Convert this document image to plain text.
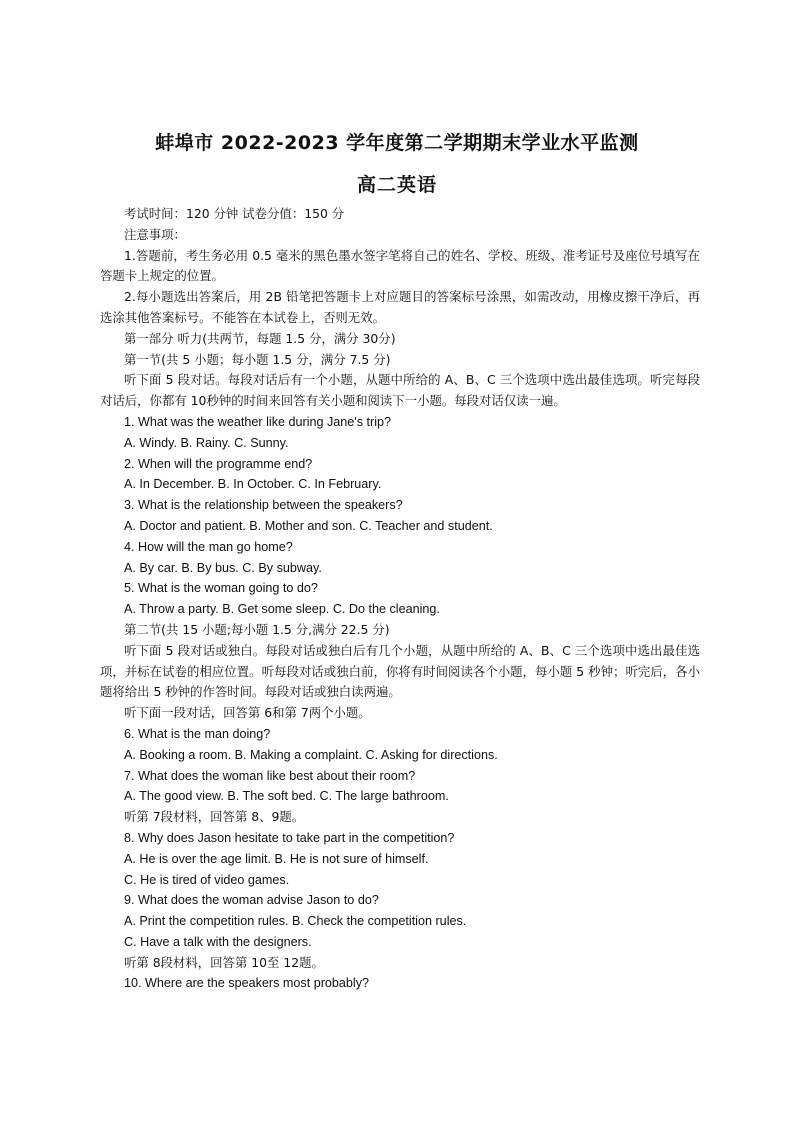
蚌埠市 2022-2023 学年度第二学期期末学业水平监测
高二英语

考试时间：120 分钟 试卷分值：150 分

注意事项：

1.答题前，考生务必用 0.5 毫米的黑色墨水签字笔将自己的姓名、学校、班级、准考证号及座位号填写在答题卡上规定的位置。

2.每小题选出答案后，用 2B 铅笔把答题卡上对应题目的答案标号涂黑，如需改动，用橡皮擦干净后，再选涂其他答案标号。不能答在本试卷上，否则无效。

第一部分 听力(共两节，每题 1.5 分，满分 30分)

第一节(共 5 小题；每小题 1.5 分，满分 7.5 分)

听下面 5 段对话。每段对话后有一个小题，从题中所给的 A、B、C 三个选项中选出最佳选项。听完每段对话后，你都有 10秒钟的时间来回答有关小题和阅读下一小题。每段对话仅读一遍。

1. What was the weather like during Jane's trip?

A. Windy. B. Rainy. C. Sunny.

2. When will the programme end?

A. In December. B. In October. C. In February.

3. What is the relationship between the speakers?

A. Doctor and patient. B. Mother and son. C. Teacher and student.

4. How will the man go home?

A. By car. B. By bus. C. By subway.

5. What is the woman going to do?

A. Throw a party. B. Get some sleep. C. Do the cleaning.

第二节(共 15 小题;每小题 1.5 分,满分 22.5 分)

听下面 5 段对话或独白。每段对话或独白后有几个小题，从题中所给的 A、B、C 三个选项中选出最佳选项，并标在试卷的相应位置。听每段对话或独白前，你将有时间阅读各个小题，每小题 5 秒钟；听完后，各小题将给出 5 秒钟的作答时间。每段对话或独白读两遍。

听下面一段对话，回答第 6和第 7两个小题。

6. What is the man doing?

A. Booking a room. B. Making a complaint. C. Asking for directions.

7. What does the woman like best about their room?

A. The good view. B. The soft bed. C. The large bathroom.

听第 7段材料，回答第 8、9题。

8. Why does Jason hesitate to take part in the competition?

A. He is over the age limit. B. He is not sure of himself.

C. He is tired of video games.

9. What does the woman advise Jason to do?

A. Print the competition rules. B. Check the competition rules.

C. Have a talk with the designers.

听第 8段材料，回答第 10至 12题。

10. Where are the speakers most probably?
